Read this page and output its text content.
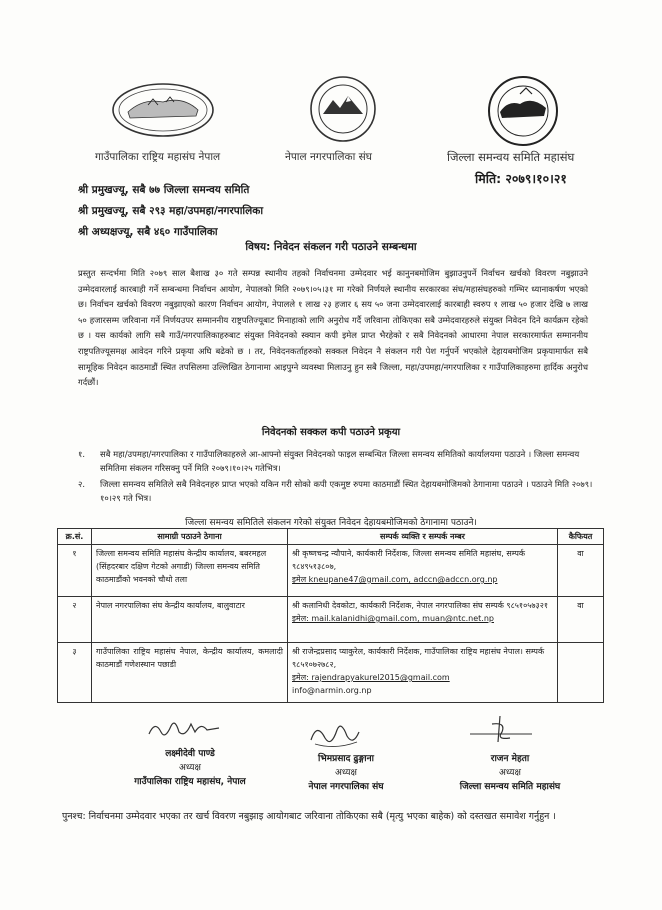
गाउँपालिका राष्ट्रिय महासंघ नेपाल	नेपाल नगरपालिका संघ	जिल्ला समन्वय समिति महासंघ
मिति: २०७९।१०।२१
श्री प्रमुखज्यू, सबै ७७ जिल्ला समन्वय समिति
श्री प्रमुखज्यू, सबै २९३ महा/उपमहा/नगरपालिका
श्री अध्यक्षज्यू, सबै ४६० गाउँपालिका
विषय: निवेदन संकलन गरी पठाउने सम्बन्धमा
प्रस्तुत सन्दर्भमा मिति २०७९ साल बैशाख ३० गते सम्पन्न स्थानीय तहको निर्वाचनमा उम्मेदवार भई कानुनबमोजिम बुझाउनुपर्ने निर्वाचन खर्चको विवरण नबुझाउने उम्मेदवारलाई कारबाही गर्ने सम्बन्धमा निर्वाचन आयोग, नेपालको मिति २०७९।०५।३१ मा गरेको निर्णयले स्थानीय सरकारका संघ/महासंघहरुको गम्भिर ध्यानाकर्षण भएको छ। निर्वाचन खर्चको विवरण नबुझाएको कारण निर्वाचन आयोग, नेपालले १ लाख २३ हजार ६ सय ५० जना उम्मेदवारलाई कारबाही स्वरुप १ लाख ५० हजार देखि ७ लाख ५० हजारसम्म जरिवाना गर्ने निर्णयउपर सम्माननीय राष्ट्रपतिज्यूबाट मिनाहाको लागि अनुरोध गर्दै जरिवाना तोकिएका सबै उम्मेदवारहरुले संयुक्त निवेदन दिने कार्यक्रम रहेको छ । यस कार्यको लागि सबै गाउँ/नगरपालिकाहरुबाट संयुक्त निवेदनको स्क्यान कपी इमेल प्राप्त भैरहेको र सबै निवेदनको आधारमा नेपाल सरकारमार्फत सम्माननीय राष्ट्रपतिज्यूसमक्ष आवेदन गरिने प्रकृया अघि बढेको छ । तर, निवेदनकर्ताहरुको सक्कल निवेदन नै संकलन गरी पेश गर्नुपर्ने भएकोले देहायबमोजिम प्रकृयामार्फत सबै सामूहिक निवेदन काठमाडौं स्थित तपसिलमा उल्लिखित ठेगानामा आइपुग्ने व्यवस्था मिलाउनु हुन सबै जिल्ला, महा/उपमहा/नगरपालिका र गाउँपालिकाहरुमा हार्दिक अनुरोध गर्दछौं।
निवेदनको सक्कल कपी पठाउने प्रकृया
१. सबै महा/उपमहा/नगरपालिका र गाउँपालिकाहरुले आ-आफ्नो संयुक्त निवेदनको फाइल सम्बन्धित जिल्ला समन्वय समितिको कार्यालयमा पठाउने । जिल्ला समन्वय समितिमा संकलन गरिसक्नु पर्ने मिति २०७९।१०।२५ गतेभित्र।
२. जिल्ला समन्वय समितिले सबै निवेदनहरु प्राप्त भएको यकिन गरी सोको कपी एकमुष्ट रुपमा काठमाडौं स्थित देहायबमोजिमको ठेगानामा पठाउने । पठाउने मिति २०७९।१०।२९ गते भित्र।
जिल्ला समन्वय समितिले संकलन गरेको संयुक्त निवेदन देहायबमोजिमको ठेगानामा पठाउने।
क्र.सं.	सामाग्री पठाउने ठेगाना	सम्पर्क व्यक्ति र सम्पर्क नम्बर	कैफियत
१	जिल्ला समन्वय समिति महासंघ केन्द्रीय कार्यालय, बबरमहल (सिंहदरबार दक्षिण गेटको अगाडी) जिल्ला समन्वय समिति काठमाडौंको भवनको चौथो तला	श्री कृष्णचन्द्र न्यौपाने, कार्यकारी निर्देशक, जिल्ला समन्वय समिति महासंघ, सम्पर्क ९८४९५१३८०७,
इमेल kneupane47@gmail.com, adccn@adccn.org.np	वा
२	नेपाल नगरपालिका संघ केन्द्रीय कार्यालय, बालुवाटार	श्री कलानिधी देवकोटा, कार्यकारी निर्देशक, नेपाल नगरपालिका संघ सम्पर्क ९८५१०५७३२१
इमेल: mail.kalanidhi@gmail.com, muan@ntc.net.np	वा
३	गाउँपालिका राष्ट्रिय महासंघ नेपाल, केन्द्रीय कार्यालय, कमलादी काठमाडौं गणेशस्थान पछाडी	श्री राजेन्द्रप्रसाद प्याकुरेल, कार्यकारी निर्देशक, गाउँपालिका राष्ट्रिय महासंघ नेपाल। सम्पर्क ९८५१०७२७८२,
इमेल: rajendrapyakurel2015@gmail.com
info@narmin.org.np	

लक्ष्मीदेवी पाण्डे
अध्यक्ष
गाउँपालिका राष्ट्रिय महासंघ, नेपाल
भिमप्रसाद ढुङ्गाना
अध्यक्ष
नेपाल नगरपालिका संघ
राजन मेहता
अध्यक्ष
जिल्ला समन्वय समिति महासंघ
पुनश्च: निर्वाचनमा उम्मेदवार भएका तर खर्च विवरण नबुझाइ आयोगबाट जरिवाना तोकिएका सबै (मृत्यु भएका बाहेक) को दस्तखत समावेश गर्नुहुन ।
